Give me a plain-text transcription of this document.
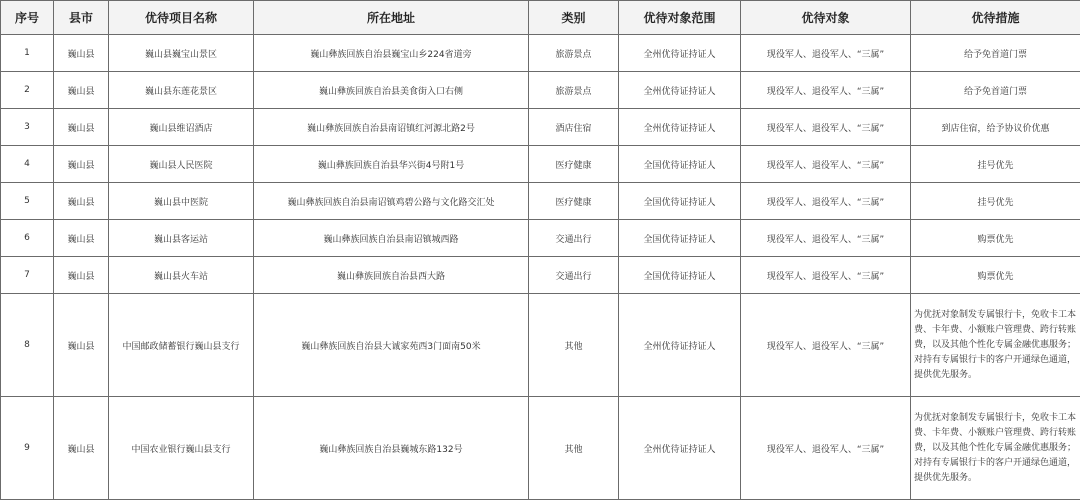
序号	县市	优待项目名称	所在地址	类别	优待对象范围	优待对象	优待措施
1	巍山县	巍山县巍宝山景区	巍山彝族回族自治县巍宝山乡224省道旁	旅游景点	全州优待证持证人	现役军人、退役军人、“三属”	给予免首道门票
2	巍山县	巍山县东莲花景区	巍山彝族回族自治县美食街入口右侧	旅游景点	全州优待证持证人	现役军人、退役军人、“三属”	给予免首道门票
3	巍山县	巍山县维诏酒店	巍山彝族回族自治县南诏镇红河源北路2号	酒店住宿	全州优待证持证人	现役军人、退役军人、“三属”	到店住宿，给予协议价优惠
4	巍山县	巍山县人民医院	巍山彝族回族自治县华兴街4号附1号	医疗健康	全国优待证持证人	现役军人、退役军人、“三属”	挂号优先
5	巍山县	巍山县中医院	巍山彝族回族自治县南诏镇鸡碧公路与文化路交汇处	医疗健康	全国优待证持证人	现役军人、退役军人、“三属”	挂号优先
6	巍山县	巍山县客运站	巍山彝族回族自治县南诏镇城西路	交通出行	全国优待证持证人	现役军人、退役军人、“三属”	购票优先
7	巍山县	巍山县火车站	巍山彝族回族自治县西大路	交通出行	全国优待证持证人	现役军人、退役军人、“三属”	购票优先
8	巍山县	中国邮政储蓄银行巍山县支行	巍山彝族回族自治县大诚家苑西3门面南50米	其他	全州优待证持证人	现役军人、退役军人、“三属”	为优抚对象制发专属银行卡，免收卡工本费、卡年费、小额账户管理费、跨行转账费，以及其他个性化专属金融优惠服务；对持有专属银行卡的客户开通绿色通道，提供优先服务。
9	巍山县	中国农业银行巍山县支行	巍山彝族回族自治县巍城东路132号	其他	全州优待证持证人	现役军人、退役军人、“三属”	为优抚对象制发专属银行卡，免收卡工本费、卡年费、小额账户管理费、跨行转账费，以及其他个性化专属金融优惠服务；对持有专属银行卡的客户开通绿色通道，提供优先服务。
